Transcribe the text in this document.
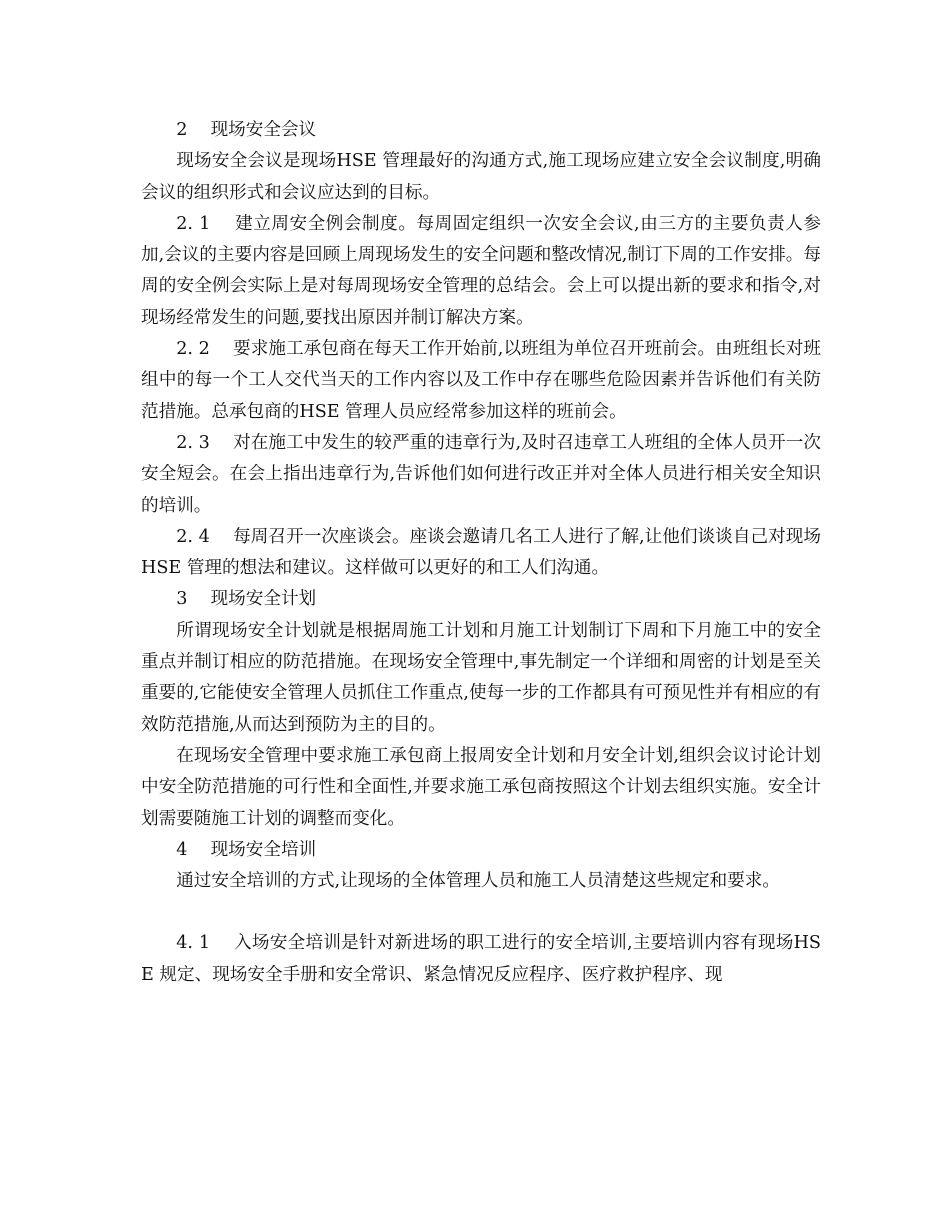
2　 现场安全会议

现场安全会议是现场HSE 管理最好的沟通方式,施工现场应建立安全会议制度,明确会议的组织形式和会议应达到的目标。

2. 1　 建立周安全例会制度。每周固定组织一次安全会议,由三方的主要负责人参加,会议的主要内容是回顾上周现场发生的安全问题和整改情况,制订下周的工作安排。每周的安全例会实际上是对每周现场安全管理的总结会。会上可以提出新的要求和指令,对现场经常发生的问题,要找出原因并制订解决方案。

2. 2　 要求施工承包商在每天工作开始前,以班组为单位召开班前会。由班组长对班组中的每一个工人交代当天的工作内容以及工作中存在哪些危险因素并告诉他们有关防范措施。总承包商的HSE 管理人员应经常参加这样的班前会。

2. 3　 对在施工中发生的较严重的违章行为,及时召违章工人班组的全体人员开一次安全短会。在会上指出违章行为,告诉他们如何进行改正并对全体人员进行相关安全知识的培训。

2. 4　 每周召开一次座谈会。座谈会邀请几名工人进行了解,让他们谈谈自己对现场HSE 管理的想法和建议。这样做可以更好的和工人们沟通。

3　 现场安全计划

所谓现场安全计划就是根据周施工计划和月施工计划制订下周和下月施工中的安全重点并制订相应的防范措施。在现场安全管理中,事先制定一个详细和周密的计划是至关重要的,它能使安全管理人员抓住工作重点,使每一步的工作都具有可预见性并有相应的有效防范措施,从而达到预防为主的目的。

在现场安全管理中要求施工承包商上报周安全计划和月安全计划,组织会议讨论计划中安全防范措施的可行性和全面性,并要求施工承包商按照这个计划去组织实施。安全计划需要随施工计划的调整而变化。

4　 现场安全培训

通过安全培训的方式,让现场的全体管理人员和施工人员清楚这些规定和要求。

4. 1　 入场安全培训是针对新进场的职工进行的安全培训,主要培训内容有现场HSE 规定、现场安全手册和安全常识、紧急情况反应程序、医疗救护程序、现
